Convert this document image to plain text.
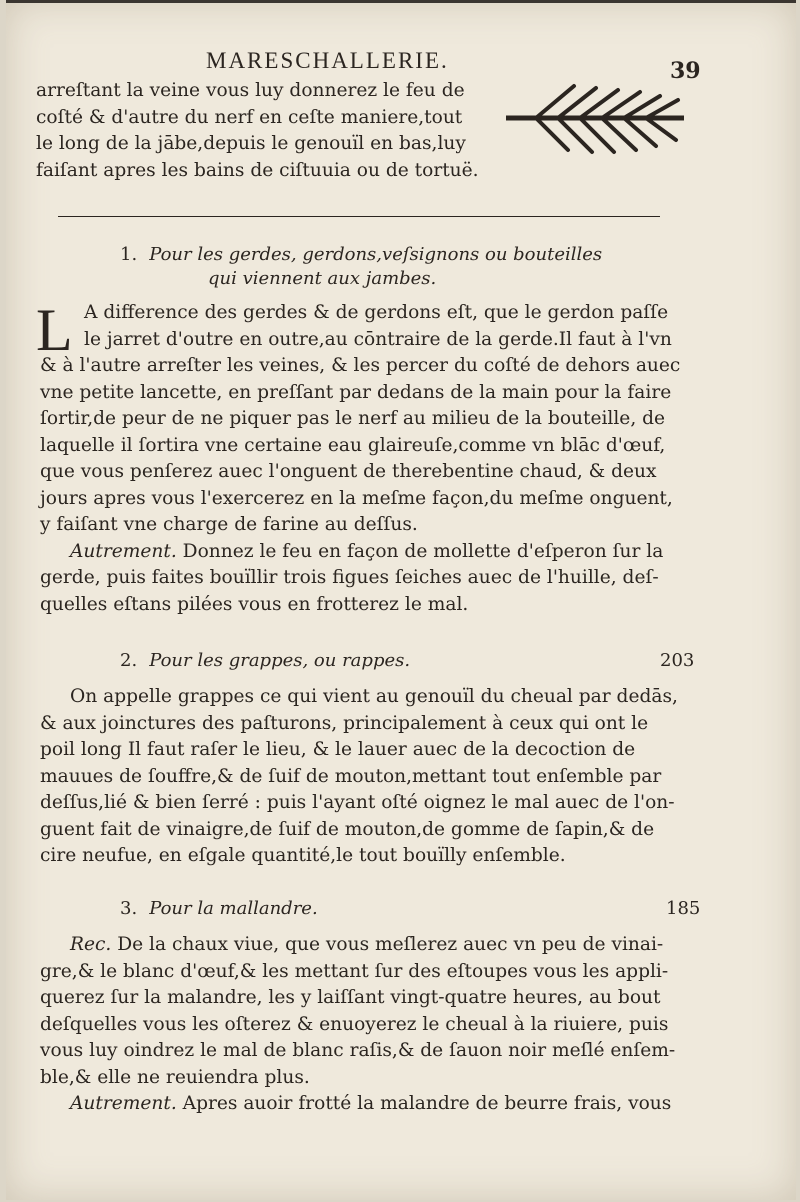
MARESCHALLERIE.	39
arreſtant la veine vous luy donnerez le feu de
coſté & d'autre du nerf en ceſte maniere,tout
le long de la jābe,depuis le genouïl en bas,luy
faiſant apres les bains de ciſtuuia ou de tortuë.
1. Pour les gerdes, gerdons,veſsignons ou bouteilles
qui viennent aux jambes.
L A difference des gerdes & de gerdons eſt, que le gerdon paſſe
le jarret d'outre en outre,au cōntraire de la gerde.Il faut à l'vn
& à l'autre arreſter les veines, & les percer du coſté de dehors auec
vne petite lancette, en preſſant par dedans de la main pour la faire
ſortir,de peur de ne piquer pas le nerf au milieu de la bouteille, de
laquelle il ſortira vne certaine eau glaireuſe,comme vn blāc d'œuf,
que vous penſerez auec l'onguent de therebentine chaud, & deux
jours apres vous l'exercerez en la meſme façon,du meſme onguent,
y faiſant vne charge de farine au deſſus.
Autrement. Donnez le feu en façon de mollette d'eſperon ſur la
gerde, puis faites bouïllir trois figues ſeiches auec de l'huille, deſ-
quelles eſtans pilées vous en frotterez le mal.
2. Pour les grappes, ou rappes.	203
On appelle grappes ce qui vient au genouïl du cheual par dedās,
& aux joinctures des paſturons, principalement à ceux qui ont le
poil long Il faut raſer le lieu, & le lauer auec de la decoction de
mauues de ſouffre,& de ſuif de mouton,mettant tout enſemble par
deſſus,lié & bien ſerré : puis l'ayant oſté oignez le mal auec de l'on-
guent fait de vinaigre,de ſuif de mouton,de gomme de ſapin,& de
cire neufue, en eſgale quantité,le tout bouïlly enſemble.
3. Pour la mallandre.	185
Rec. De la chaux viue, que vous meſlerez auec vn peu de vinai-
gre,& le blanc d'œuf,& les mettant ſur des eſtoupes vous les appli-
querez ſur la malandre, les y laiſſant vingt-quatre heures, au bout
deſquelles vous les oſterez & enuoyerez le cheual à la riuiere, puis
vous luy oindrez le mal de blanc raſis,& de ſauon noir meſlé enſem-
ble,& elle ne reuiendra plus.
Autrement. Apres auoir frotté la malandre de beurre frais, vous
